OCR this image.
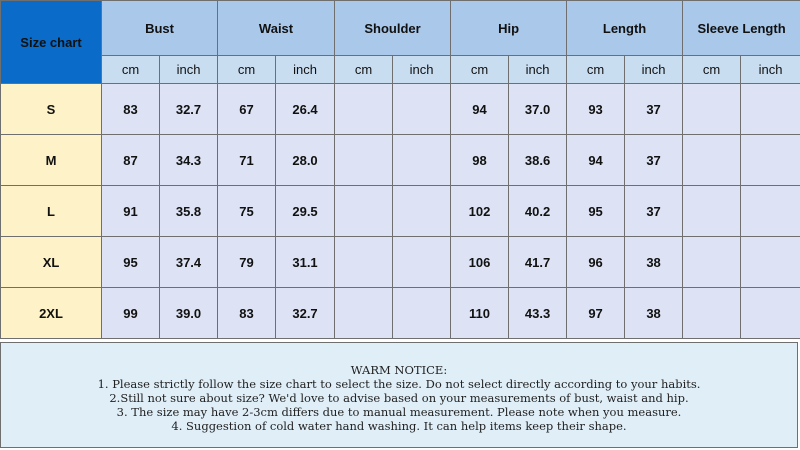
Size chart	Bust		Waist		Shoulder		Hip		Length		Sleeve Length	
	cm	inch	cm	inch	cm	inch	cm	inch	cm	inch	cm	inch
S	83	32.7	67	26.4			94	37.0	93	37		
M	87	34.3	71	28.0			98	38.6	94	37		
L	91	35.8	75	29.5			102	40.2	95	37		
XL	95	37.4	79	31.1			106	41.7	96	38		
2XL	99	39.0	83	32.7			110	43.3	97	38		
WARM NOTICE:
1. Please strictly follow the size chart to select the size. Do not select directly according to your habits.
2.Still not sure about size? We'd love to advise based on your measurements of bust, waist and hip.
3. The size may have 2-3cm differs due to manual measurement. Please note when you measure.
4. Suggestion of cold water hand washing. It can help items keep their shape.
